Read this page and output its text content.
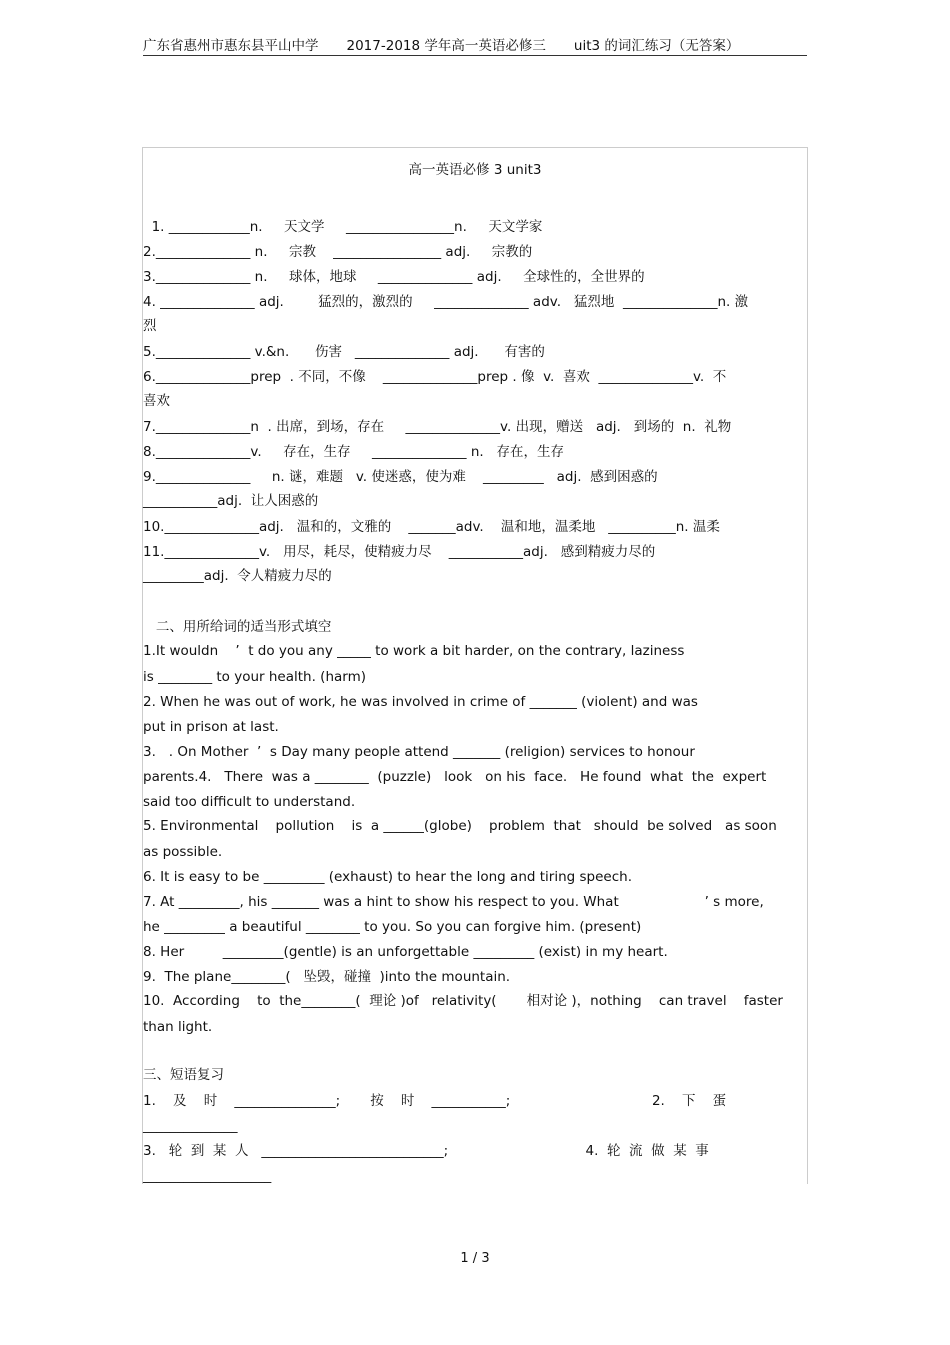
广东省惠州市惠东县平山中学 2017-2018 学年高一英语必修三 uit3 的词汇练习（无答案）
高一英语必修 3 unit3
1. ____________n.     天文学     ________________n.     天文学家
2.______________ n.     宗教    ________________ adj.     宗教的
3.______________ n.     球体，地球     ______________ adj.     全球性的，全世界的
4. ______________ adj.        猛烈的，激烈的     ______________ adv.   猛烈地  ______________n. 激
烈
5.______________ v.&n.      伤害   ______________ adj.      有害的
6.______________prep  . 不同，不像    ______________prep . 像  v.  喜欢  ______________v.  不
喜欢
7.______________n  . 出席，到场，存在     ______________v. 出现，赠送   adj.   到场的  n.  礼物
8.______________v.     存在，生存     ______________ n.   存在，生存
9.______________     n. 谜，难题   v. 使迷惑，使为难    _________   adj.  感到困惑的
___________adj.  让人困惑的
10.______________adj.   温和的，文雅的    _______adv.    温和地，温柔地   __________n. 温柔
11.______________v.   用尽，耗尽，使精疲力尽    ___________adj.   感到精疲力尽的
_________adj.  令人精疲力尽的
二、用所给词的适当形式填空
1.It wouldn    ’  t do you any _____ to work a bit harder, on the contrary, laziness
is ________ to your health. (harm)
2. When he was out of work, he was involved in crime of _______ (violent) and was
put in prison at last.
3.   . On Mother  ’  s Day many people attend _______ (religion) services to honour
parents.4.   There  was a ________  (puzzle)   look   on his  face.   He found  what  the  expert
said too difficult to understand.
5. Environmental    pollution    is  a ______(globe)    problem  that   should  be solved   as soon
as possible.
6. It is easy to be _________ (exhaust) to hear the long and tiring speech.
7. At _________, his _______ was a hint to show his respect to you. What                    ’ s more,
he _________ a beautiful ________ to you. So you can forgive him. (present)
8. Her         _________(gentle) is an unforgettable _________ (exist) in my heart.
9.  The plane________(   坠毁，碰撞  )into the mountain.
10.  According    to  the________(  理论 )of   relativity(       相对论 )，nothing    can travel    faster
than light.
三、短语复习
1.    及    时    _______________;       按    时    ___________;                                 2.    下    蛋
______________
3.   轮  到  某  人   ___________________________;                                4.  轮  流  做  某  事
___________________
1 / 3
